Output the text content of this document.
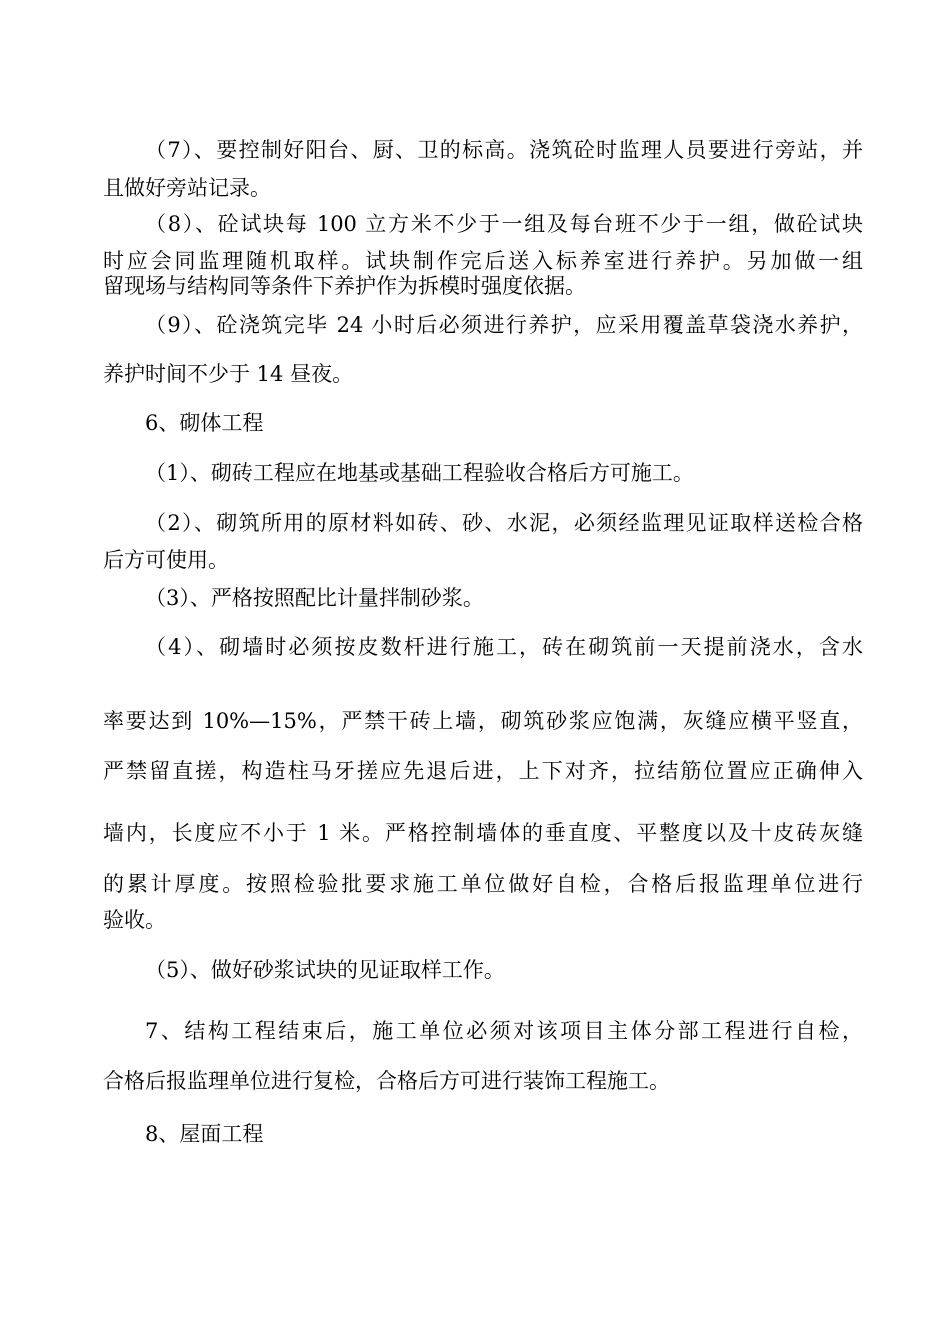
（7）、要控制好阳台、厨、卫的标高。浇筑砼时监理人员要进行旁站，并
且做好旁站记录。
（8）、砼试块每 100 立方米不少于一组及每台班不少于一组，做砼试块
时应会同监理随机取样。试块制作完后送入标养室进行养护。另加做一组
留现场与结构同等条件下养护作为拆模时强度依据。
（9）、砼浇筑完毕 24 小时后必须进行养护，应采用覆盖草袋浇水养护，
养护时间不少于 14 昼夜。
6、砌体工程
（1）、砌砖工程应在地基或基础工程验收合格后方可施工。
（2）、砌筑所用的原材料如砖、砂、水泥，必须经监理见证取样送检合格
后方可使用。
（3）、严格按照配比计量拌制砂浆。
（4）、砌墙时必须按皮数杆进行施工，砖在砌筑前一天提前浇水，含水
率要达到 10%—15%，严禁干砖上墙，砌筑砂浆应饱满，灰缝应横平竖直，
严禁留直搓，构造柱马牙搓应先退后进，上下对齐，拉结筋位置应正确伸入
墙内，长度应不小于 1 米。严格控制墙体的垂直度、平整度以及十皮砖灰缝
的累计厚度。按照检验批要求施工单位做好自检，合格后报监理单位进行
验收。
（5）、做好砂浆试块的见证取样工作。
7、结构工程结束后，施工单位必须对该项目主体分部工程进行自检，
合格后报监理单位进行复检，合格后方可进行装饰工程施工。
8、屋面工程
